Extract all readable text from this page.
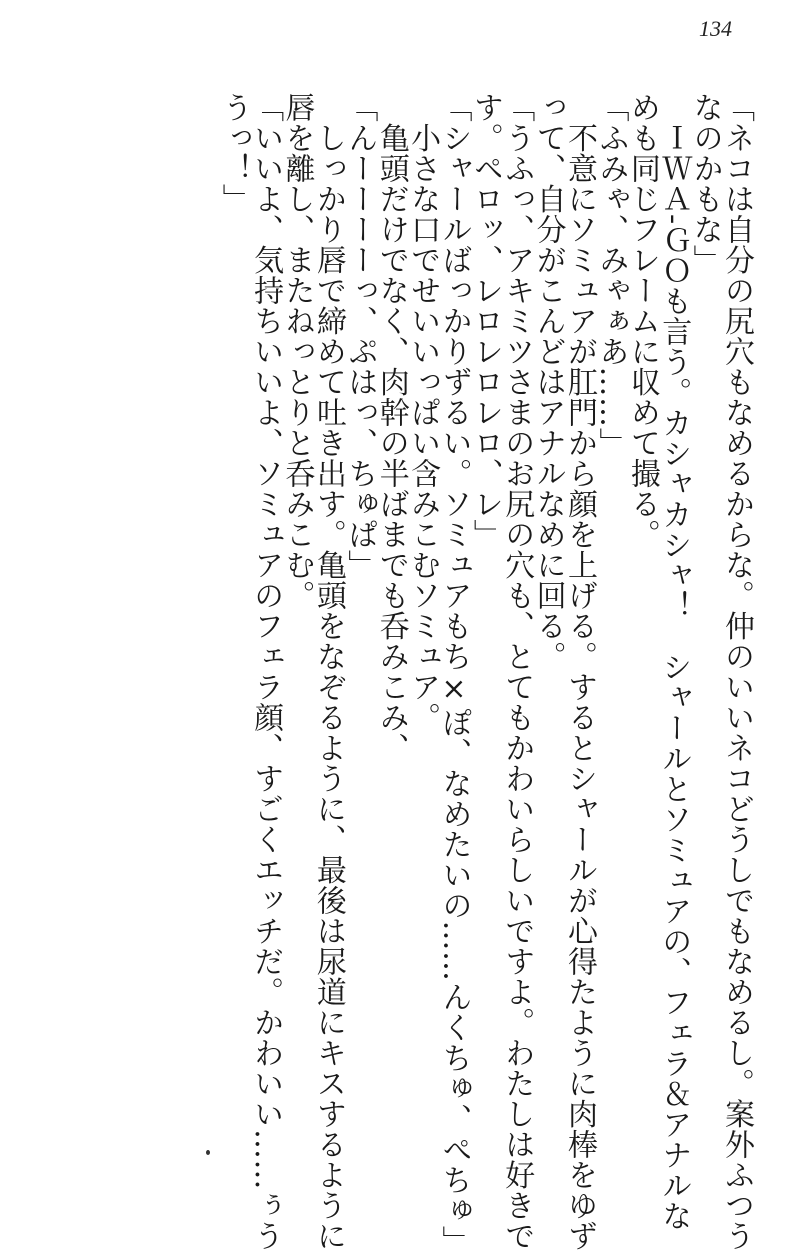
134
「ネコは自分の尻穴もなめるからな。仲のいいネコどうしでもなめるし。案外ふつう
なのかもな」
　ＩＷＡ‐ＧＯも言う。カシャカシャ！　シャールとソミュアの、フェラ＆アナルな
めも同じフレームに収めて撮る。
「ふみゃ、みゃぁあ……」
　不意にソミュアが肛門から顔を上げる。するとシャールが心得たように肉棒をゆず
って、自分がこんどはアナルなめに回る。
「うふっ、アキミツさまのお尻の穴も、とてもかわいらしいですよ。わたしは好きで
す。ペロッ、レロレロレロ、レ」
「シャールばっかりずるい。ソミュアもち×ぽ、なめたいの……んくちゅ、ぺちゅ」
　小さな口でせいいっぱい含みこむソミュア。
　亀頭だけでなく、肉幹の半ばまでも呑みこみ、
「んーーーーっ、ぷはっ、ちゅぱ」
　しっかり唇で締めて吐き出す。亀頭をなぞるように、最後は尿道にキスするように
唇を離し、またねっとりと呑みこむ。
「いいよ、気持ちいいよ、ソミュアのフェラ顔、すごくエッチだ。かわいい……ぅう
うっ！」
